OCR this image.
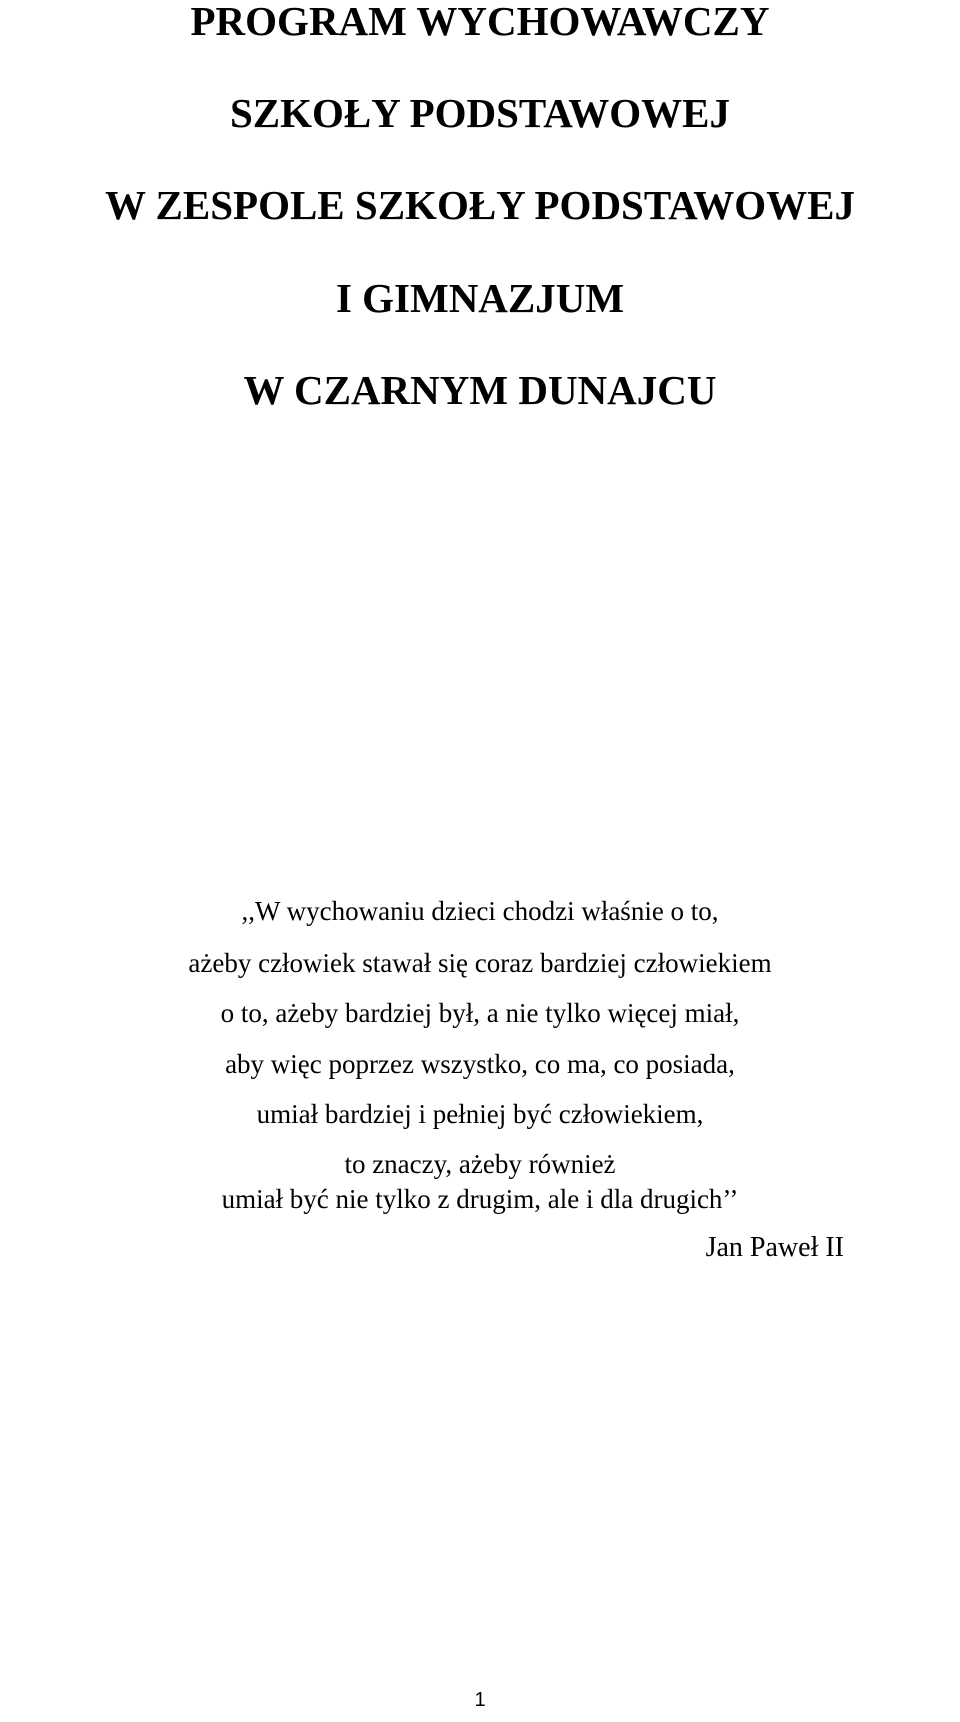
PROGRAM WYCHOWAWCZY
SZKOŁY PODSTAWOWEJ
W ZESPOLE SZKOŁY PODSTAWOWEJ
I GIMNAZJUM
W CZARNYM DUNAJCU
,,W wychowaniu dzieci chodzi właśnie o to,
ażeby człowiek stawał się coraz bardziej człowiekiem
o to, ażeby bardziej był, a nie tylko więcej miał,
aby więc poprzez wszystko, co ma, co posiada,
umiał bardziej i pełniej być człowiekiem,
to znaczy, ażeby również
umiał być nie tylko z drugim, ale i dla drugich’’
Jan Paweł II
1
